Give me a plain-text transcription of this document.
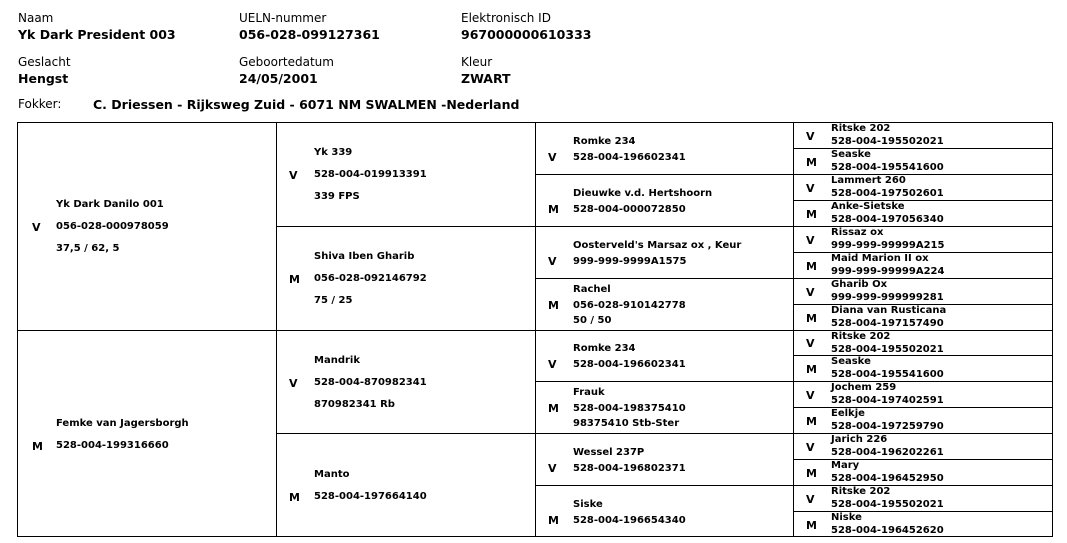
Naam
Yk Dark President 003
UELN-nummer
056-028-099127361
Elektronisch ID
967000000610333
Geslacht
Hengst
Geboortedatum
24/05/2001
Kleur
ZWART
Fokker:	C. Driessen - Rijksweg Zuid - 6071 NM SWALMEN -Nederland
V
Yk Dark Danilo 001
056-028-000978059
37,5 / 62, 5
M
Femke van Jagersborgh
528-004-199316660
V
Yk 339
528-004-019913391
339 FPS
M
Shiva Iben Gharib
056-028-092146792
75 / 25
V
Mandrik
528-004-870982341
870982341 Rb
M
Manto
528-004-197664140
V
Romke 234
528-004-196602341
M
Dieuwke v.d. Hertshoorn
528-004-000072850
V
Oosterveld's Marsaz ox , Keur
999-999-9999A1575
M
Rachel
056-028-910142778
50 / 50
V
Romke 234
528-004-196602341
M
Frauk
528-004-198375410
98375410 Stb-Ster
V
Wessel 237P
528-004-196802371
M
Siske
528-004-196654340
V
Ritske 202
528-004-195502021
M
Seaske
528-004-195541600
V
Lammert 260
528-004-197502601
M
Anke-Sietske
528-004-197056340
V
Rissaz ox
999-999-99999A215
M
Maid Marion II ox
999-999-99999A224
V
Gharib Ox
999-999-999999281
M
Diana van Rusticana
528-004-197157490
V
Ritske 202
528-004-195502021
M
Seaske
528-004-195541600
V
Jochem 259
528-004-197402591
M
Eelkje
528-004-197259790
V
Jarich 226
528-004-196202261
M
Mary
528-004-196452950
V
Ritske 202
528-004-195502021
M
Niske
528-004-196452620
